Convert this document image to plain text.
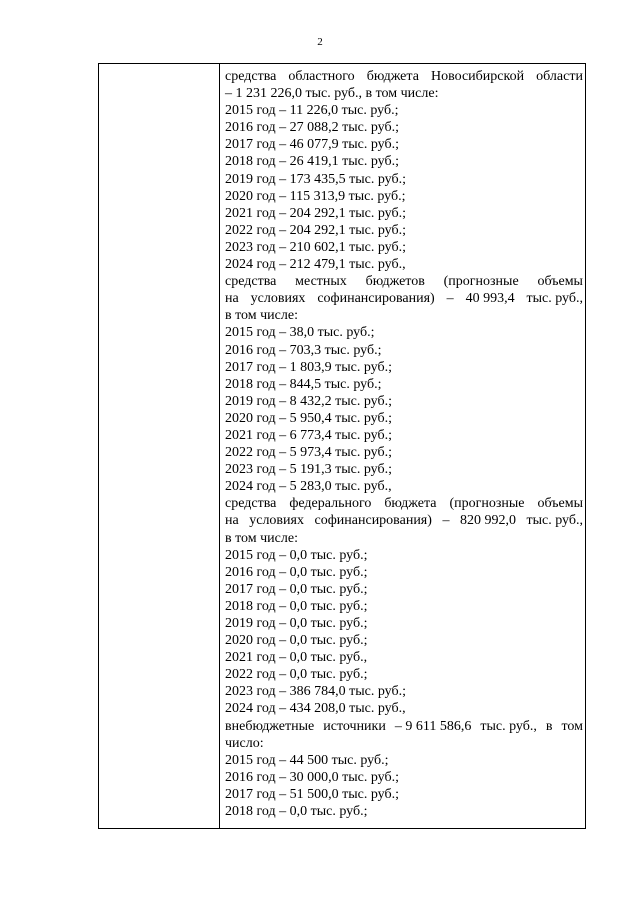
2
средства областного бюджета Новосибирской области
– 1 231 226,0 тыс. руб., в том числе:
2015 год – 11 226,0 тыс. руб.;
2016 год – 27 088,2 тыс. руб.;
2017 год – 46 077,9 тыс. руб.;
2018 год – 26 419,1 тыс. руб.;
2019 год – 173 435,5 тыс. руб.;
2020 год – 115 313,9 тыс. руб.;
2021 год – 204 292,1 тыс. руб.;
2022 год – 204 292,1 тыс. руб.;
2023 год – 210 602,1 тыс. руб.;
2024 год – 212 479,1 тыс. руб.,
средства местных бюджетов (прогнозные объемы
на условиях софинансирования) – 40 993,4 тыс. руб.,
в том числе:
2015 год – 38,0 тыс. руб.;
2016 год – 703,3 тыс. руб.;
2017 год – 1 803,9 тыс. руб.;
2018 год – 844,5 тыс. руб.;
2019 год – 8 432,2 тыс. руб.;
2020 год – 5 950,4 тыс. руб.;
2021 год – 6 773,4 тыс. руб.;
2022 год – 5 973,4 тыс. руб.;
2023 год – 5 191,3 тыс. руб.;
2024 год – 5 283,0 тыс. руб.,
средства федерального бюджета (прогнозные объемы
на условиях софинансирования) – 820 992,0 тыс. руб.,
в том числе:
2015 год – 0,0 тыс. руб.;
2016 год – 0,0 тыс. руб.;
2017 год – 0,0 тыс. руб.;
2018 год – 0,0 тыс. руб.;
2019 год – 0,0 тыс. руб.;
2020 год – 0,0 тыс. руб.;
2021 год – 0,0 тыс. руб.,
2022 год – 0,0 тыс. руб.;
2023 год – 386 784,0 тыс. руб.;
2024 год – 434 208,0 тыс. руб.,
внебюджетные источники – 9 611 586,6 тыс. руб., в том
число:
2015 год – 44 500 тыс. руб.;
2016 год – 30 000,0 тыс. руб.;
2017 год – 51 500,0 тыс. руб.;
2018 год – 0,0 тыс. руб.;
